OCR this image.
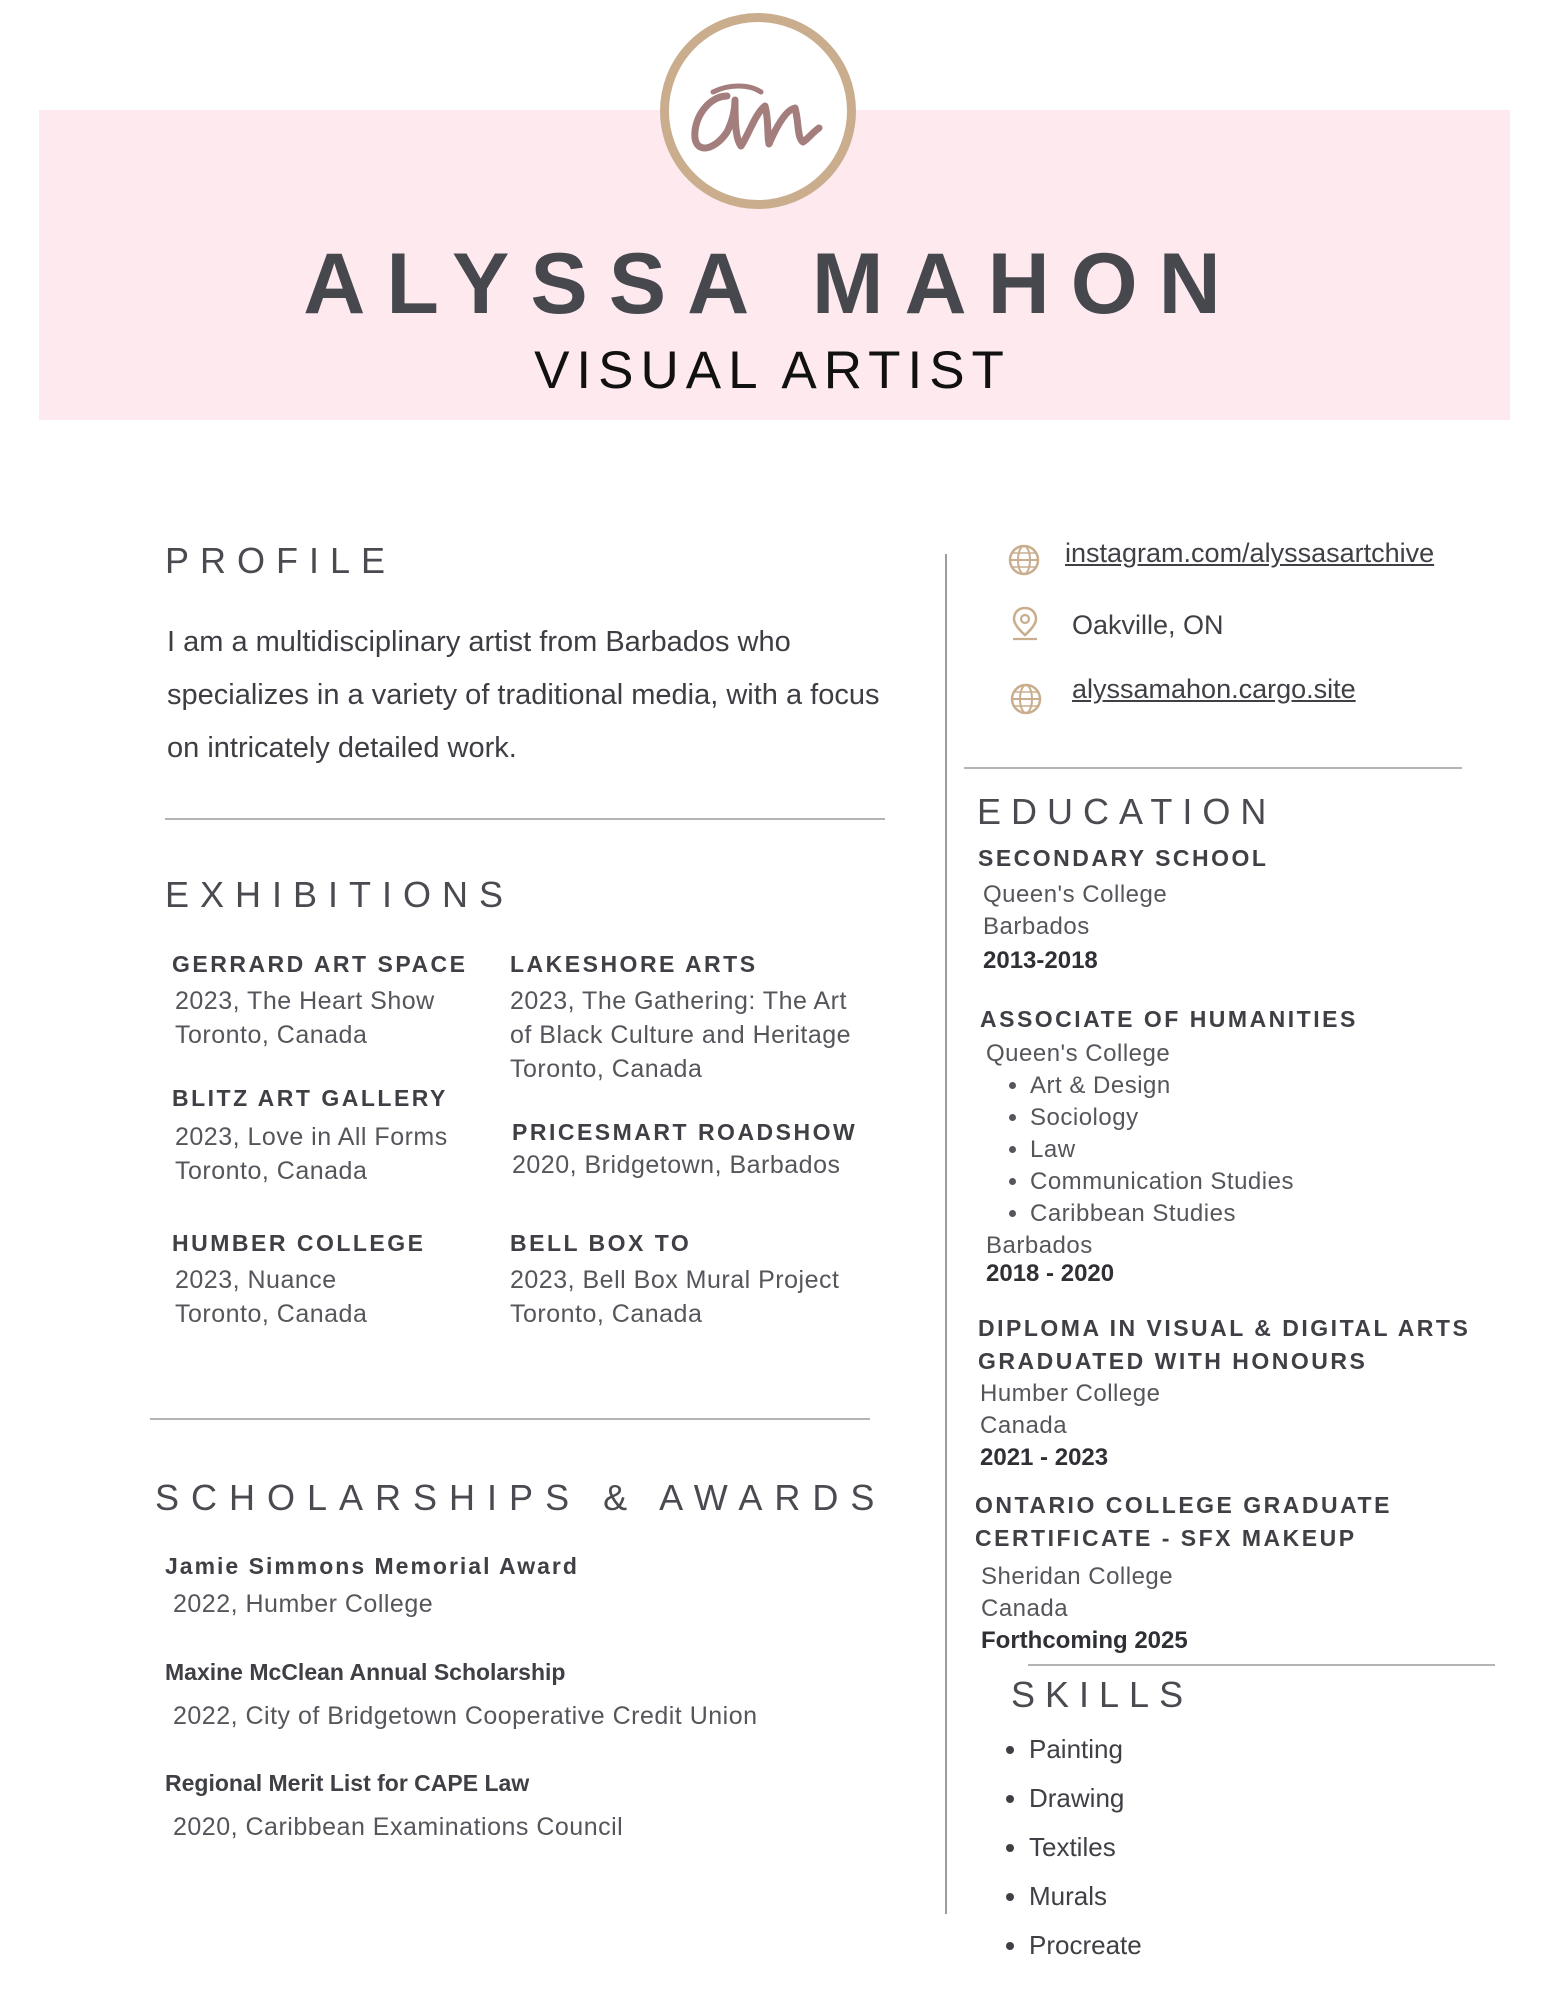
ALYSSA MAHON
VISUAL ARTIST
PROFILE
I am a multidisciplinary artist from Barbados who
specializes in a variety of traditional media, with a focus
on intricately detailed work.
EXHIBITIONS
GERRARD ART SPACE
2023, The Heart Show
Toronto, Canada
LAKESHORE ARTS
2023, The Gathering: The Art
of Black Culture and Heritage
Toronto, Canada
BLITZ ART GALLERY
2023, Love in All Forms
Toronto, Canada
PRICESMART ROADSHOW
2020, Bridgetown, Barbados
HUMBER COLLEGE
2023, Nuance
Toronto, Canada
BELL BOX TO
2023, Bell Box Mural Project
Toronto, Canada
SCHOLARSHIPS & AWARDS
Jamie Simmons Memorial Award
2022, Humber College
Maxine McClean Annual Scholarship
2022, City of Bridgetown Cooperative Credit Union
Regional Merit List for CAPE Law
2020, Caribbean Examinations Council
instagram.com/alyssasartchive
Oakville, ON
alyssamahon.cargo.site
EDUCATION
SECONDARY SCHOOL
Queen's College
Barbados
2013-2018
ASSOCIATE OF HUMANITIES
Queen's College
• Art & Design
• Sociology
• Law
• Communication Studies
• Caribbean Studies
Barbados
2018 - 2020
DIPLOMA IN VISUAL & DIGITAL ARTS
GRADUATED WITH HONOURS
Humber College
Canada
2021 - 2023
ONTARIO COLLEGE GRADUATE
CERTIFICATE - SFX MAKEUP
Sheridan College
Canada
Forthcoming 2025
SKILLS
• Painting
• Drawing
• Textiles
• Murals
• Procreate
